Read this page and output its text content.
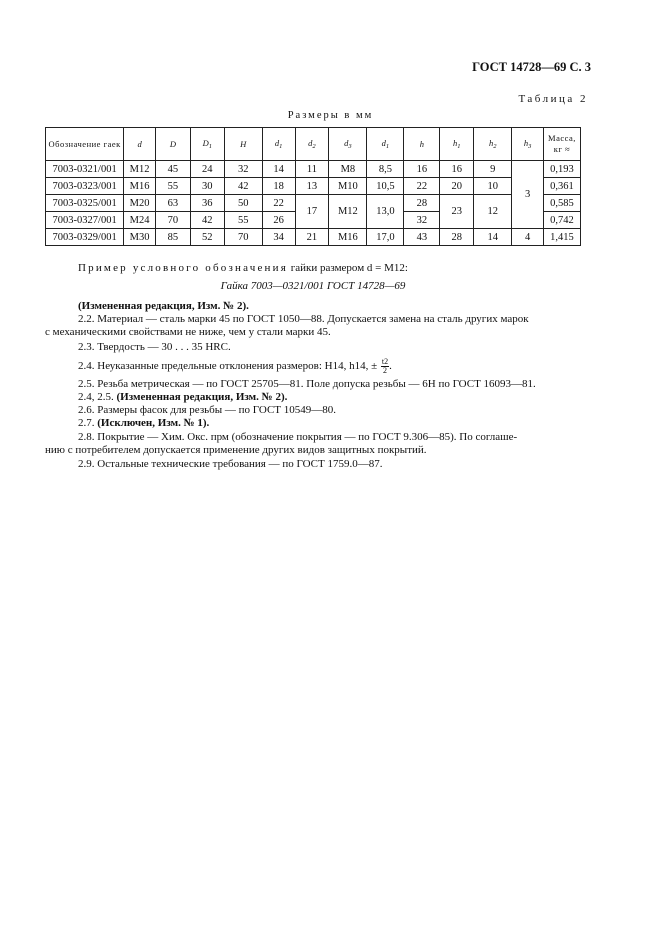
ГОСТ 14728—69 С. 3
Таблица 2
Размеры в мм
Обозначение гаек	d	D	$D_1$	H	$d_1$	$d_2$	$d_3$	$d_1$	h	$h_1$	$h_2$	$h_3$	Масса, кг ≈
7003-0321/001	M12	45	24	32	14	11	M8	8,5	16	16	9	3	0,193
7003-0323/001	M16	55	30	42	18	13	M10	10,5	22	20	10		0,361
7003-0325/001	M20	63	36	50	22	17	M12	13,0	28	23	12		0,585
7003-0327/001	M24	70	42	55	26				32				0,742
7003-0329/001	M30	85	52	70	34	21	M16	17,0	43	28	14	4	1,415
Пример условного обозначения гайки размером d = M12:
Гайка 7003—0321/001 ГОСТ 14728—69
(Измененная редакция, Изм. № 2).
2.2. Материал — сталь марки 45 по ГОСТ 1050—88. Допускается замена на сталь других марок
с механическими свойствами не ниже, чем у стали марки 45.
2.3. Твердость — 30 . . . 35 HRC.
2.4. Неуказанные предельные отклонения размеров: H14, h14, ± $\frac{t2}{2}$ .
2.5. Резьба метрическая — по ГОСТ 25705—81. Поле допуска резьбы — 6H по ГОСТ 16093—81.
2.4, 2.5. (Измененная редакция, Изм. № 2).
2.6. Размеры фасок для резьбы — по ГОСТ 10549—80.
2.7. (Исключен, Изм. № 1).
2.8. Покрытие — Хим. Окс. прм (обозначение покрытия — по ГОСТ 9.306—85). По соглаше-
нию с потребителем допускается применение других видов защитных покрытий.
2.9. Остальные технические требования — по ГОСТ 1759.0—87.
